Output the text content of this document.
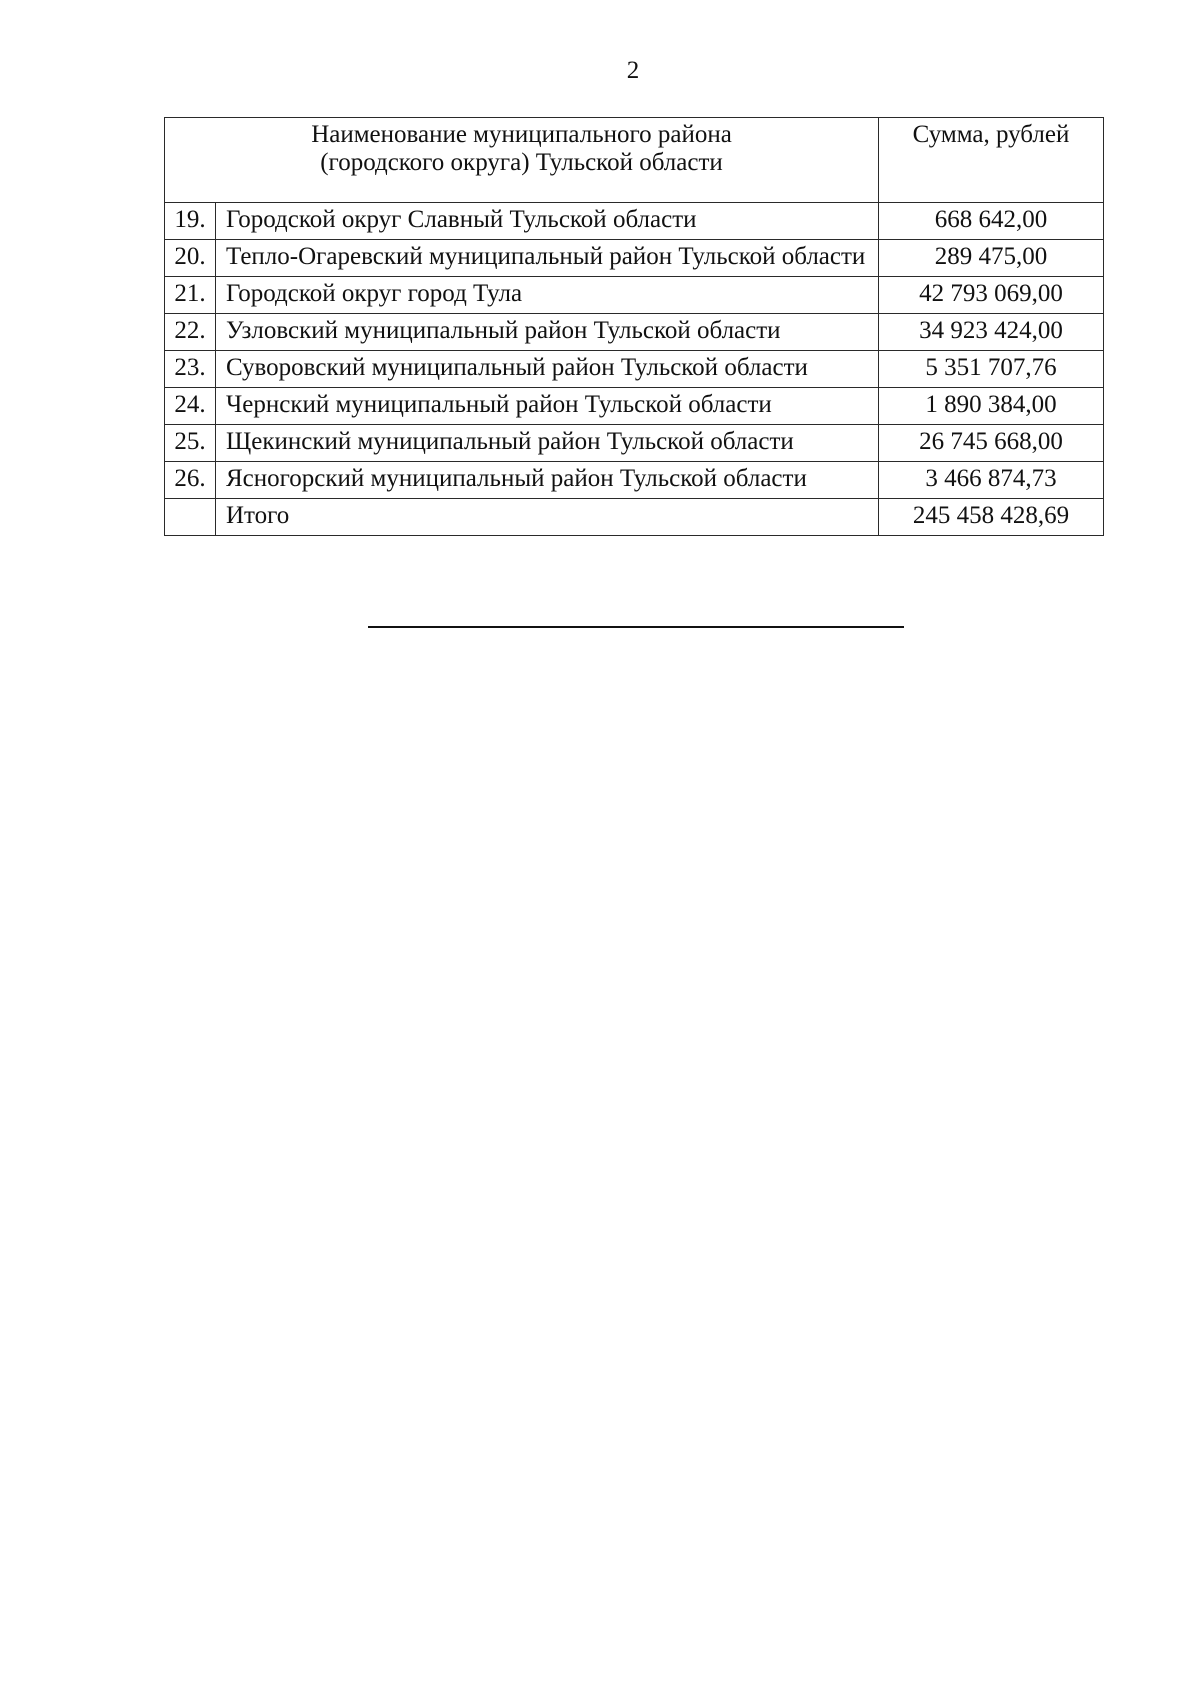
2
Наименование муниципального района
(городского округа) Тульской области		Сумма, рублей
19.	Городской округ Славный Тульской области	668 642,00
20.	Тепло-Огаревский муниципальный район Тульской области	289 475,00
21.	Городской округ город Тула	42 793 069,00
22.	Узловский муниципальный район Тульской области	34 923 424,00
23.	Суворовский муниципальный район Тульской области	5 351 707,76
24.	Чернский муниципальный район Тульской области	1 890 384,00
25.	Щекинский муниципальный район Тульской области	26 745 668,00
26.	Ясногорский муниципальный район Тульской области	3 466 874,73
	Итого	245 458 428,69
